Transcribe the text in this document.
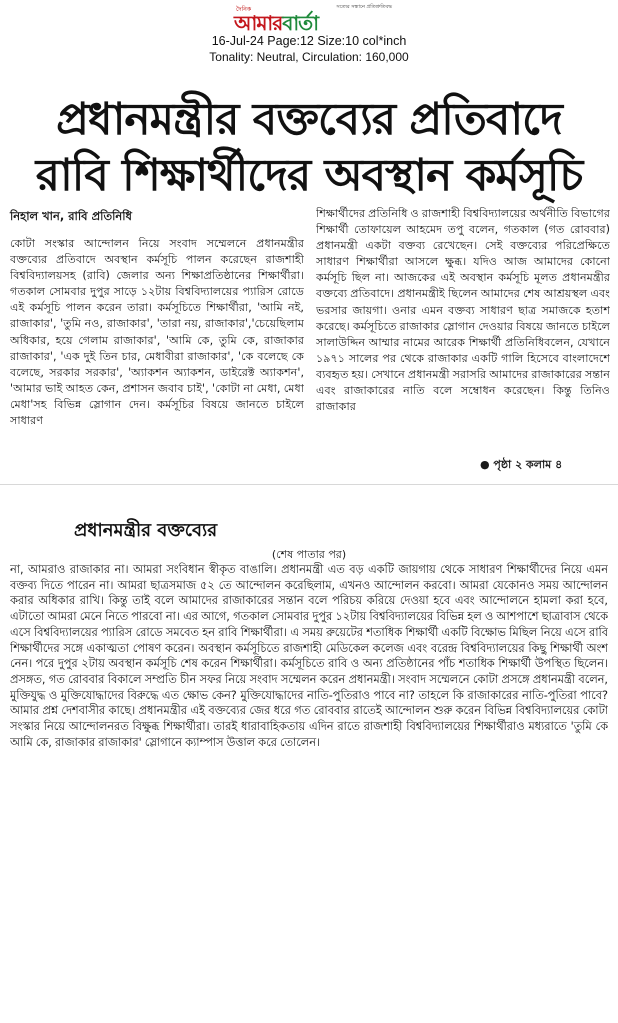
দৈনিক	সত্যের সন্ধানে প্রতিশ্রুতিবদ্ধ
আমারবার্তা
16-Jul-24 Page:12 Size:10 col*inch
Tonality: Neutral, Circulation: 160,000
প্রধানমন্ত্রীর বক্তব্যের প্রতিবাদে
রাবি শিক্ষার্থীদের অবস্থান কর্মসূচি
নিহাল খান, রাবি প্রতিনিধি

কোটা সংস্কার আন্দোলন নিয়ে সংবাদ সম্মেলনে প্রধানমন্ত্রীর বক্তব্যের প্রতিবাদে অবস্থান কর্মসূচি পালন করেছেন রাজশাহী বিশ্ববিদ্যালয়সহ (রাবি) জেলার অন্য শিক্ষাপ্রতিষ্ঠানের শিক্ষার্থীরা। গতকাল সোমবার দুপুর সাড়ে ১২টায় বিশ্ববিদ্যালয়ের প্যারিস রোডে এই কর্মসূচি পালন করেন তারা। কর্মসূচিতে শিক্ষার্থীরা, 'আমি নই, রাজাকার', 'তুমি নও, রাজাকার', 'তারা নয়, রাজাকার','চেয়েছিলাম অধিকার, হয়ে গেলাম রাজাকার', 'আমি কে, তুমি কে, রাজাকার রাজাকার', 'এক দুই তিন চার, মেধাবীরা রাজাকার', 'কে বলেছে কে বলেছে, সরকার সরকার', 'অ্যাকশন অ্যাকশন, ডাইরেক্ট অ্যাকশন', 'আমার ভাই আহত কেন, প্রশাসন জবাব চাই', 'কোটা না মেধা, মেধা মেধা'সহ বিভিন্ন স্লোগান দেন। কর্মসূচির বিষয়ে জানতে চাইলে সাধারণ

শিক্ষার্থীদের প্রতিনিধি ও রাজশাহী বিশ্ববিদ্যালয়ের অর্থনীতি বিভাগের শিক্ষার্থী তোফায়েল আহমেদ তপু বলেন, গতকাল (গত রোববার) প্রধানমন্ত্রী একটা বক্তব্য রেখেছেন। সেই বক্তব্যের পরিপ্রেক্ষিতে সাধারণ শিক্ষার্থীরা আসলে ক্ষুব্ধ। যদিও আজ আমাদের কোনো কর্মসূচি ছিল না। আজকের এই অবস্থান কর্মসূচি মূলত প্রধানমন্ত্রীর বক্তব্যে প্রতিবাদে। প্রধানমন্ত্রীই ছিলেন আমাদের শেষ আশ্রয়স্থল এবং ভরসার জায়গা। ওনার এমন বক্তব্য সাধারণ ছাত্র সমাজকে হতাশ করেছে। কর্মসূচিতে রাজাকার স্লোগান দেওয়ার বিষয়ে জানতে চাইলে সালাউদ্দিন আম্মার নামের আরেক শিক্ষার্থী প্রতিনিধিবলেন, যেখানে ১৯৭১ সালের পর থেকে রাজাকার একটি গালি হিসেবে বাংলাদেশে ব্যবহৃত হয়। সেখানে প্রধানমন্ত্রী সরাসরি আমাদের রাজাকারের সন্তান এবং রাজাকারের নাতি বলে সম্বোধন করেছেন। কিন্তু তিনিও রাজাকার

● পৃষ্ঠা ২ কলাম ৪
প্রধানমন্ত্রীর বক্তব্যের
(শেষ পাতার পর)

না, আমরাও রাজাকার না। আমরা সংবিধান স্বীকৃত বাঙালি। প্রধানমন্ত্রী এত বড় একটি জায়গায় থেকে সাধারণ শিক্ষার্থীদের নিয়ে এমন বক্তব্য দিতে পারেন না। আমরা ছাত্রসমাজ ৫২ তে আন্দোলন করেছিলাম, এখনও আন্দোলন করবো। আমরা যেকোনও সময় আন্দোলন করার অধিকার রাখি। কিন্তু তাই বলে আমাদের রাজাকারের সন্তান বলে পরিচয় করিয়ে দেওয়া হবে এবং আন্দোলনে হামলা করা হবে, এটাতো আমরা মেনে নিতে পারবো না। এর আগে, গতকাল সোমবার দুপুর ১২টায় বিশ্ববিদ্যালয়ের বিভিন্ন হল ও আশপাশে ছাত্রাবাস থেকে এসে বিশ্ববিদ্যালয়ের প্যারিস রোডে সমবেত হন রাবি শিক্ষার্থীরা। এ সময় রুয়েটের শতাধিক শিক্ষার্থী একটি বিক্ষোভ মিছিল নিয়ে এসে রাবি শিক্ষার্থীদের সঙ্গে একাত্মতা পোষণ করেন। অবস্থান কর্মসূচিতে রাজশাহী মেডিকেল কলেজ এবং বরেন্দ্র বিশ্ববিদ্যালয়ের কিছু শিক্ষার্থী অংশ নেন। পরে দুপুর ২টায় অবস্থান কর্মসূচি শেষ করেন শিক্ষার্থীরা। কর্মসূচিতে রাবি ও অন্য প্রতিষ্ঠানের পাঁচ শতাধিক শিক্ষার্থী উপস্থিত ছিলেন। প্রসঙ্গত, গত রোববার বিকালে সম্প্রতি চীন সফর নিয়ে সংবাদ সম্মেলন করেন প্রধানমন্ত্রী। সংবাদ সম্মেলনে কোটা প্রসঙ্গে প্রধানমন্ত্রী বলেন, মুক্তিযুদ্ধ ও মুক্তিযোদ্ধাদের বিরুদ্ধে এত ক্ষোভ কেন? মুক্তিযোদ্ধাদের নাতি-পুতিরাও পাবে না? তাহলে কি রাজাকারের নাতি-পুতিরা পাবে? আমার প্রশ্ন দেশবাসীর কাছে। প্রধানমন্ত্রীর এই বক্তব্যের জের ধরে গত রোববার রাতেই আন্দোলন শুরু করেন বিভিন্ন বিশ্ববিদ্যালয়ের কোটা সংস্কার নিয়ে আন্দোলনরত বিক্ষুব্ধ শিক্ষার্থীরা। তারই ধারাবাহিকতায় এদিন রাতে রাজশাহী বিশ্ববিদ্যালয়ের শিক্ষার্থীরাও মধ্যরাতে 'তুমি কে আমি কে, রাজাকার রাজাকার' স্লোগানে ক্যাম্পাস উত্তাল করে তোলেন।
